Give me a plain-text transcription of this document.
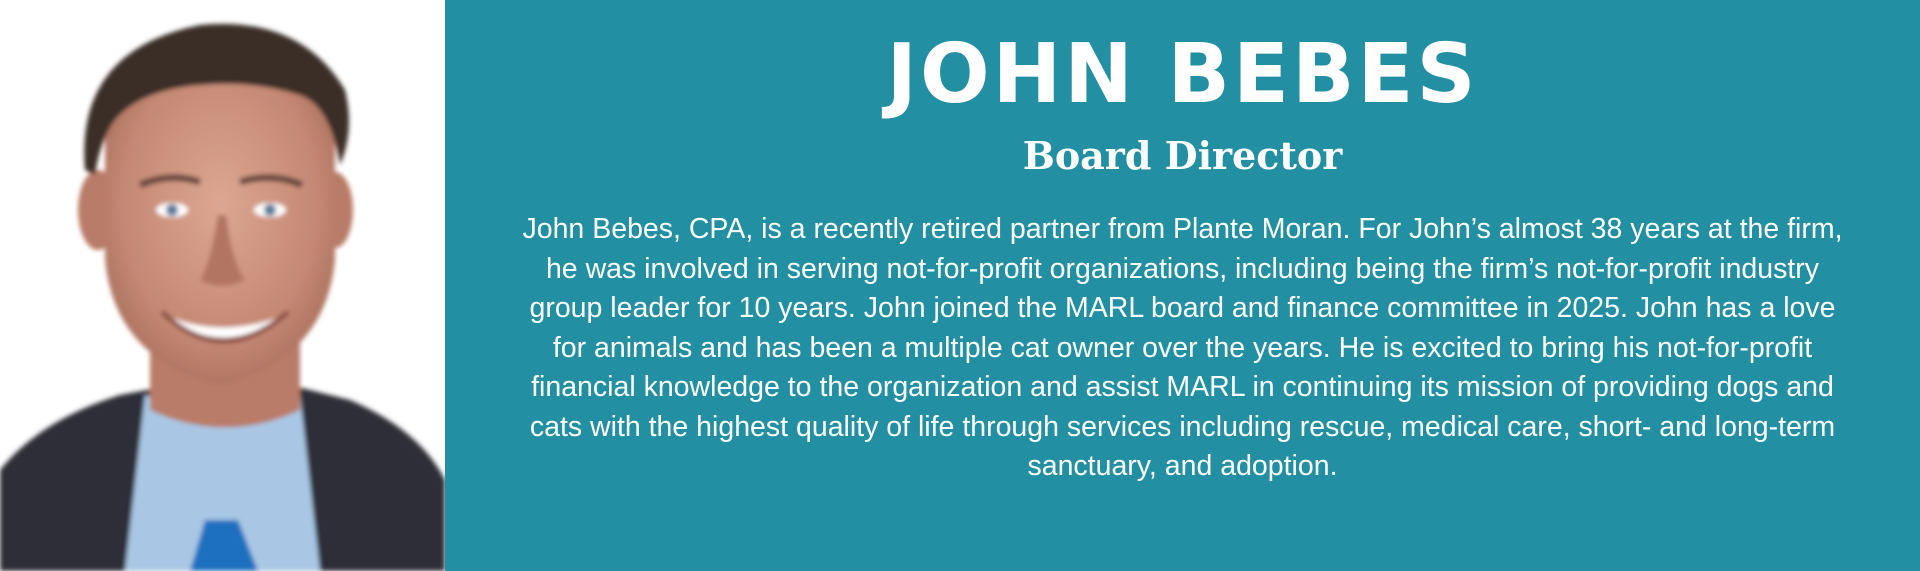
JOHN BEBES
Board Director

John Bebes, CPA, is a recently retired partner from Plante Moran. For John’s almost 38 years at the firm, he was involved in serving not-for-profit organizations, including being the firm’s not-for-profit industry group leader for 10 years. John joined the MARL board and finance committee in 2025. John has a love for animals and has been a multiple cat owner over the years. He is excited to bring his not-for-profit financial knowledge to the organization and assist MARL in continuing its mission of providing dogs and cats with the highest quality of life through services including rescue, medical care, short- and long-term sanctuary, and adoption.
